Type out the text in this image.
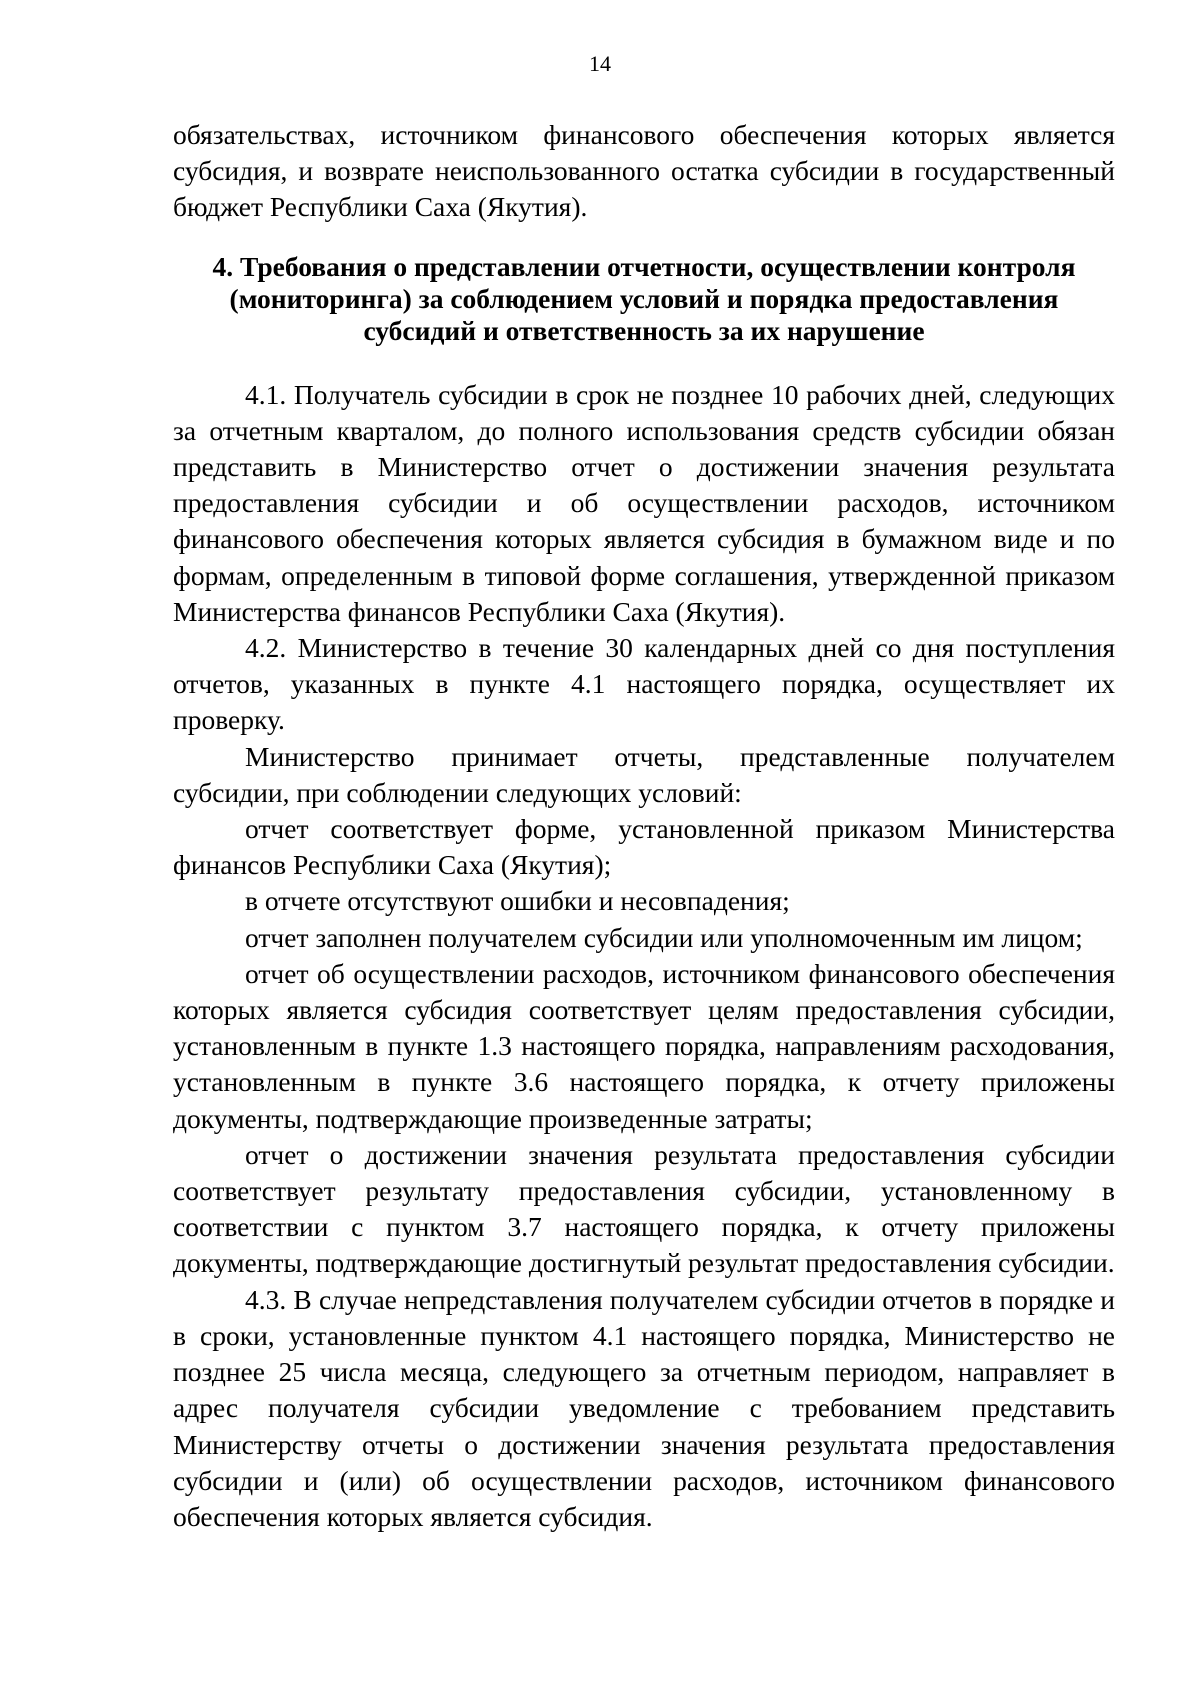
14

обязательствах, источником финансового обеспечения которых является субсидия, и возврате неиспользованного остатка субсидии в государственный бюджет Республики Саха (Якутия).

4. Требования о представлении отчетности, осуществлении контроля
(мониторинга) за соблюдением условий и порядка предоставления
субсидий и ответственность за их нарушение

4.1. Получатель субсидии в срок не позднее 10 рабочих дней, следующих за отчетным кварталом, до полного использования средств субсидии обязан представить в Министерство отчет о достижении значения результата предоставления субсидии и об осуществлении расходов, источником финансового обеспечения которых является субсидия в бумажном виде и по формам, определенным в типовой форме соглашения, утвержденной приказом Министерства финансов Республики Саха (Якутия).

4.2. Министерство в течение 30 календарных дней со дня поступления отчетов, указанных в пункте 4.1 настоящего порядка, осуществляет их проверку.

Министерство принимает отчеты, представленные получателем субсидии, при соблюдении следующих условий:

отчет соответствует форме, установленной приказом Министерства финансов Республики Саха (Якутия);

в отчете отсутствуют ошибки и несовпадения;

отчет заполнен получателем субсидии или уполномоченным им лицом;

отчет об осуществлении расходов, источником финансового обеспечения которых является субсидия соответствует целям предоставления субсидии, установленным в пункте 1.3 настоящего порядка, направлениям расходования, установленным в пункте 3.6 настоящего порядка, к отчету приложены документы, подтверждающие произведенные затраты;

отчет о достижении значения результата предоставления субсидии соответствует результату предоставления субсидии, установленному в соответствии с пунктом 3.7 настоящего порядка, к отчету приложены документы, подтверждающие достигнутый результат предоставления субсидии.

4.3. В случае непредставления получателем субсидии отчетов в порядке и в сроки, установленные пунктом 4.1 настоящего порядка, Министерство не позднее 25 числа месяца, следующего за отчетным периодом, направляет в адрес получателя субсидии уведомление с требованием представить Министерству отчеты о достижении значения результата предоставления субсидии и (или) об осуществлении расходов, источником финансового обеспечения которых является субсидия.
